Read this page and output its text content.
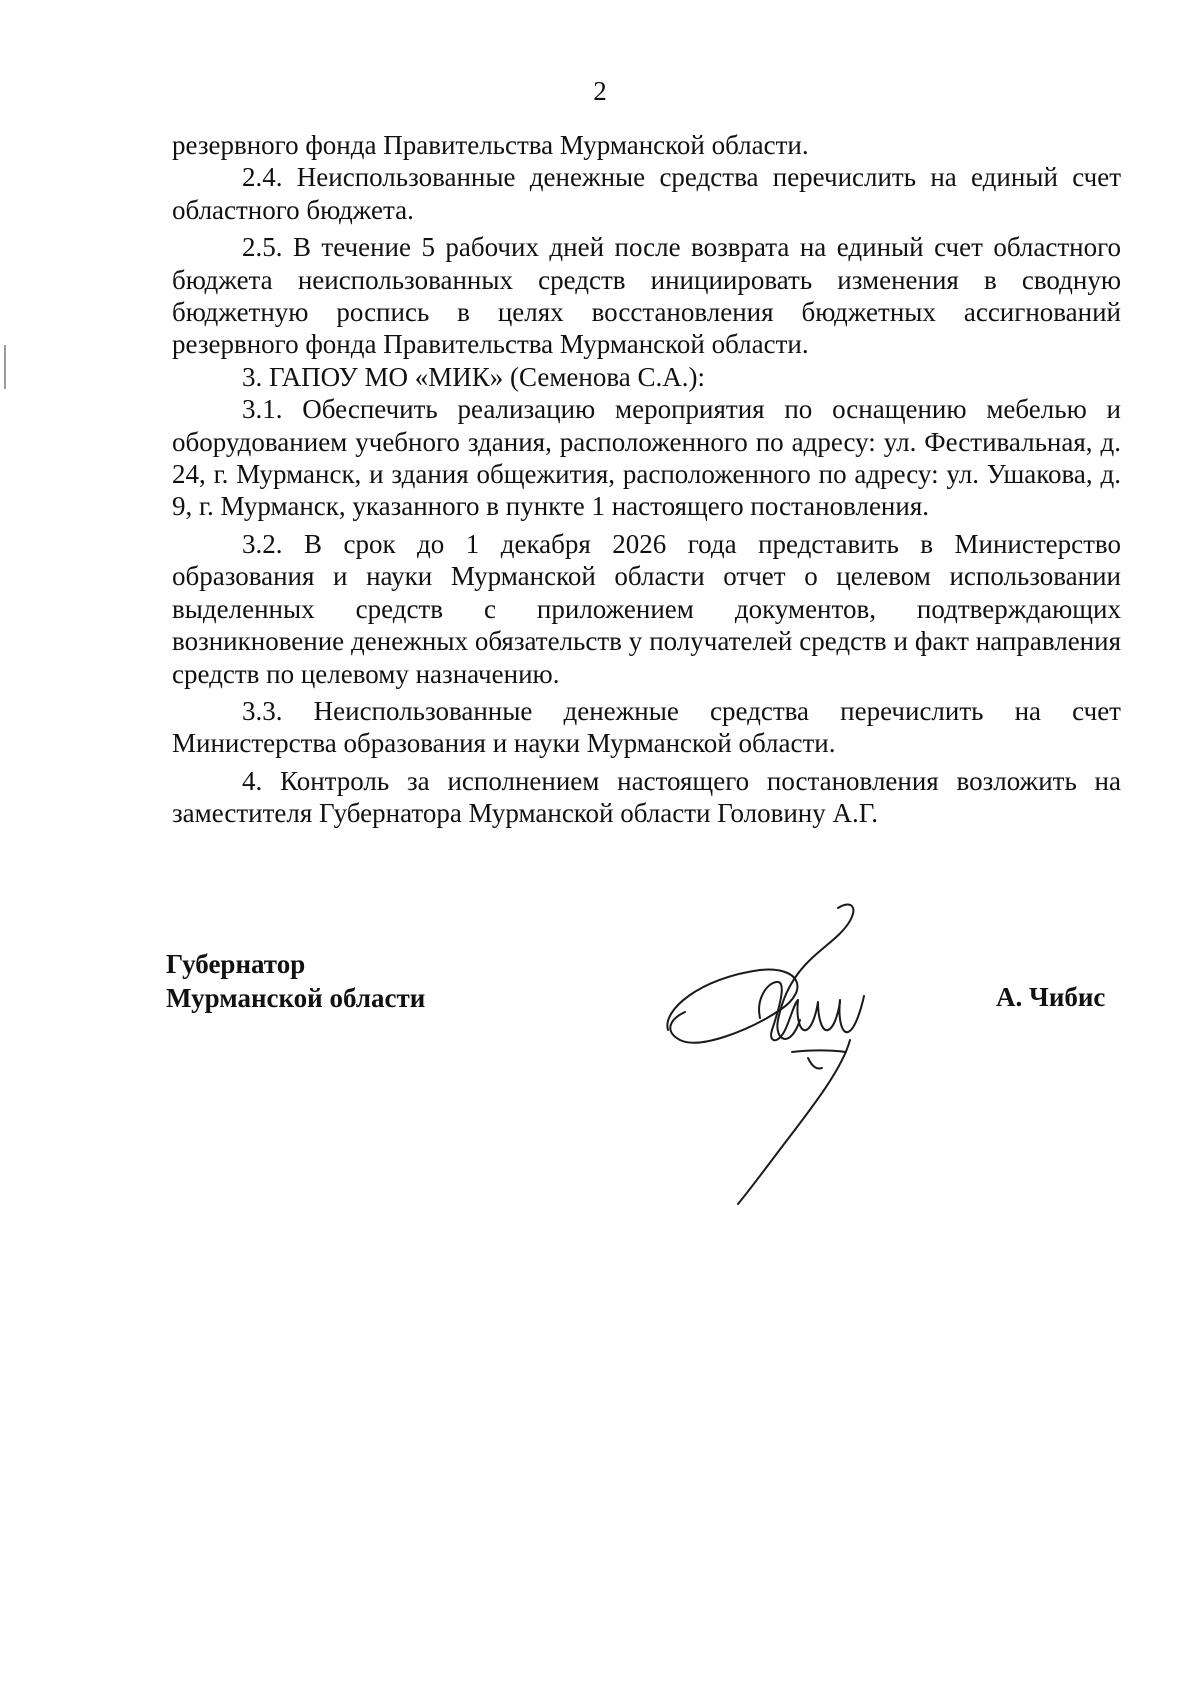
2

резервного фонда Правительства Мурманской области.

2.4. Неиспользованные денежные средства перечислить на единый счет областного бюджета.

2.5. В течение 5 рабочих дней после возврата на единый счет областного бюджета неиспользованных средств инициировать изменения в сводную бюджетную роспись в целях восстановления бюджетных ассигнований резервного фонда Правительства Мурманской области.

3. ГАПОУ МО «МИК» (Семенова С.А.):

3.1. Обеспечить реализацию мероприятия по оснащению мебелью и оборудованием учебного здания, расположенного по адресу: ул. Фестивальная, д. 24, г. Мурманск, и здания общежития, расположенного по адресу: ул. Ушакова, д. 9, г. Мурманск, указанного в пункте 1 настоящего постановления.

3.2. В срок до 1 декабря 2026 года представить в Министерство образования и науки Мурманской области отчет о целевом использовании выделенных средств с приложением документов, подтверждающих возникновение денежных обязательств у получателей средств и факт направления средств по целевому назначению.

3.3. Неиспользованные денежные средства перечислить на счет Министерства образования и науки Мурманской области.

4. Контроль за исполнением настоящего постановления возложить на заместителя Губернатора Мурманской области Головину А.Г.

Губернатор
Мурманской области	А. Чибис
